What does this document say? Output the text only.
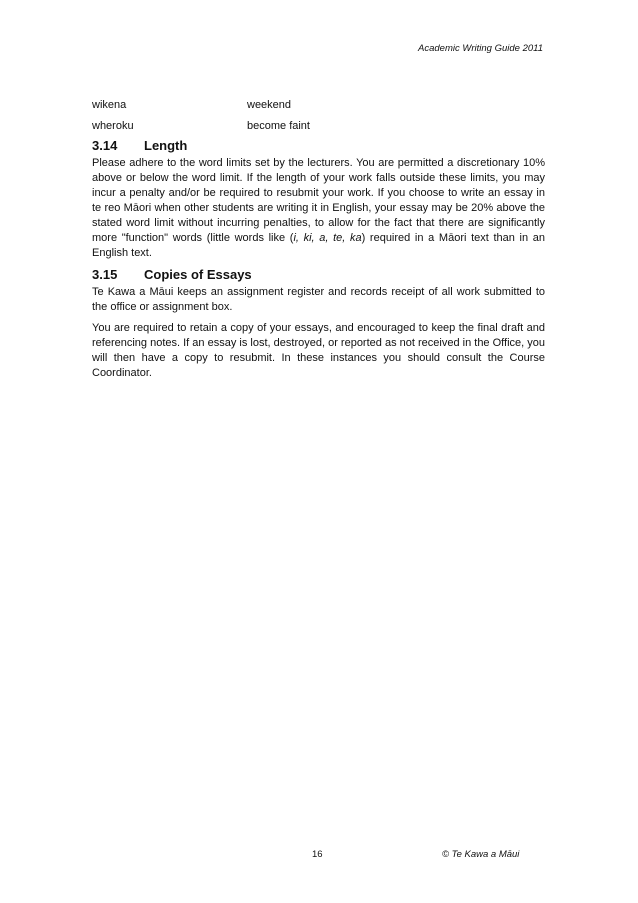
Academic Writing Guide 2011
wikena	weekend
wheroku	become faint
3.14	Length

Please adhere to the word limits set by the lecturers. You are permitted a discretionary 10% above or below the word limit. If the length of your work falls outside these limits, you may incur a penalty and/or be required to resubmit your work. If you choose to write an essay in te reo Māori when other students are writing it in English, your essay may be 20% above the stated word limit without incurring penalties, to allow for the fact that there are significantly more "function" words (little words like (i, ki, a, te, ka) required in a Māori text than in an English text.

3.15	Copies of Essays

Te Kawa a Māui keeps an assignment register and records receipt of all work submitted to the office or assignment box.

You are required to retain a copy of your essays, and encouraged to keep the final draft and referencing notes. If an essay is lost, destroyed, or reported as not received in the Office, you will then have a copy to resubmit. In these instances you should consult the Course Coordinator.

16	© Te Kawa a Māui
